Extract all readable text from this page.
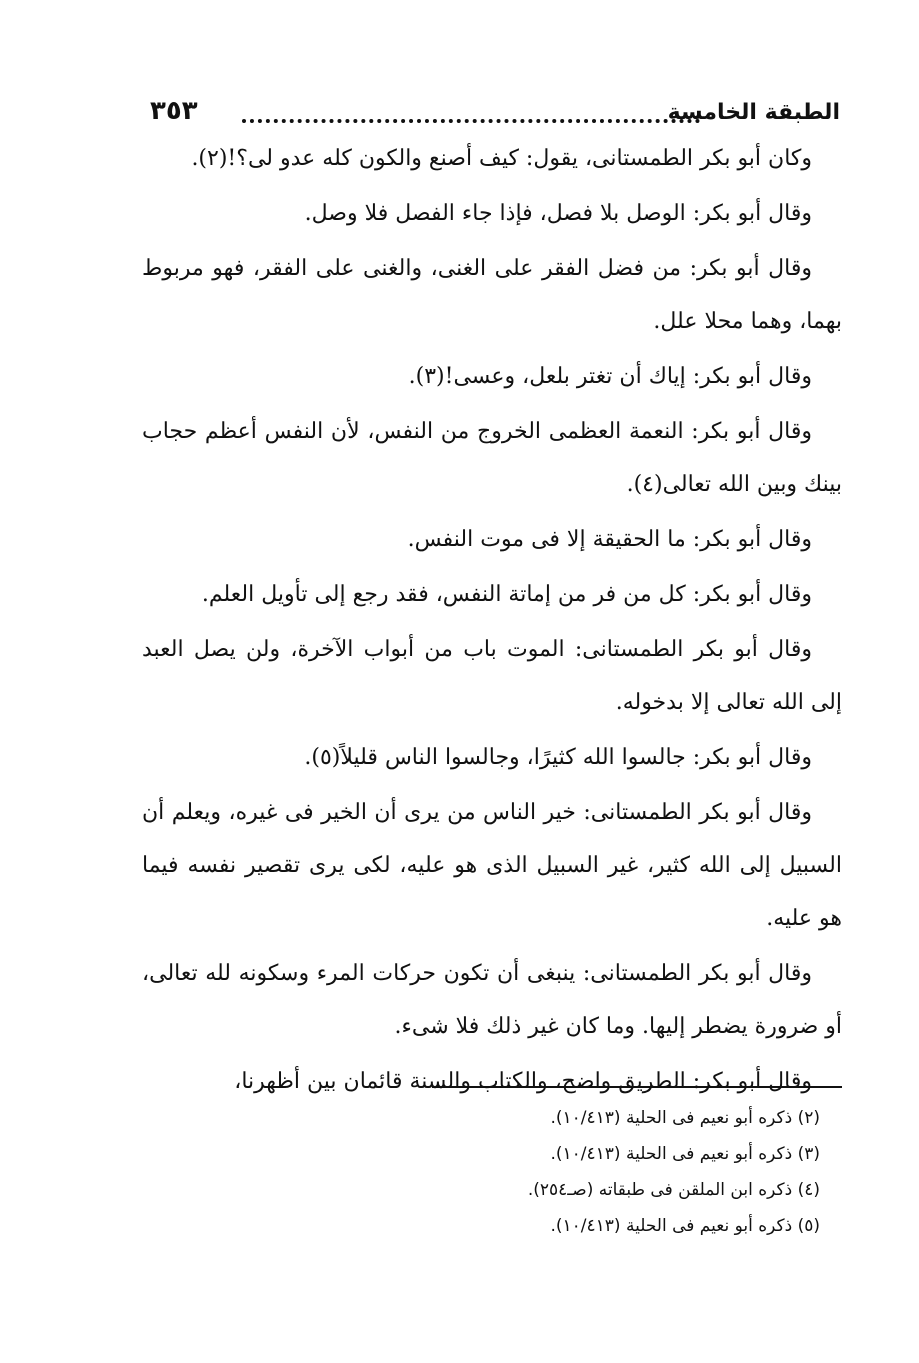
الطبقة الخامسة
٣٥٣

وكان أبو بكر الطمستانى، يقول: كيف أصنع والكون كله عدو لى؟!(٢).

وقال أبو بكر: الوصل بلا فصل، فإذا جاء الفصل فلا وصل.

وقال أبو بكر: من فضل الفقر على الغنى، والغنى على الفقر، فهو مربوط بهما، وهما محلا علل.

وقال أبو بكر: إياك أن تغتر بلعل، وعسى!(٣).

وقال أبو بكر: النعمة العظمى الخروج من النفس، لأن النفس أعظم حجاب بينك وبين الله تعالى(٤).

وقال أبو بكر: ما الحقيقة إلا فى موت النفس.

وقال أبو بكر: كل من فر من إماتة النفس، فقد رجع إلى تأويل العلم.

وقال أبو بكر الطمستانى: الموت باب من أبواب الآخرة، ولن يصل العبد إلى الله تعالى إلا بدخوله.

وقال أبو بكر: جالسوا الله كثيرًا، وجالسوا الناس قليلاً(٥).

وقال أبو بكر الطمستانى: خير الناس من يرى أن الخير فى غيره، ويعلم أن السبيل إلى الله كثير، غير السبيل الذى هو عليه، لكى يرى تقصير نفسه فيما هو عليه.

وقال أبو بكر الطمستانى: ينبغى أن تكون حركات المرء وسكونه لله تعالى، أو ضرورة يضطر إليها. وما كان غير ذلك فلا شىء.

وقال أبو بكر: الطريق واضح، والكتاب والسنة قائمان بين أظهرنا،

(٢) ذكره أبو نعيم فى الحلية (١٠/٤١٣).
(٣) ذكره أبو نعيم فى الحلية (١٠/٤١٣).
(٤) ذكره ابن الملقن فى طبقاته (صـ٢٥٤).
(٥) ذكره أبو نعيم فى الحلية (١٠/٤١٣).
